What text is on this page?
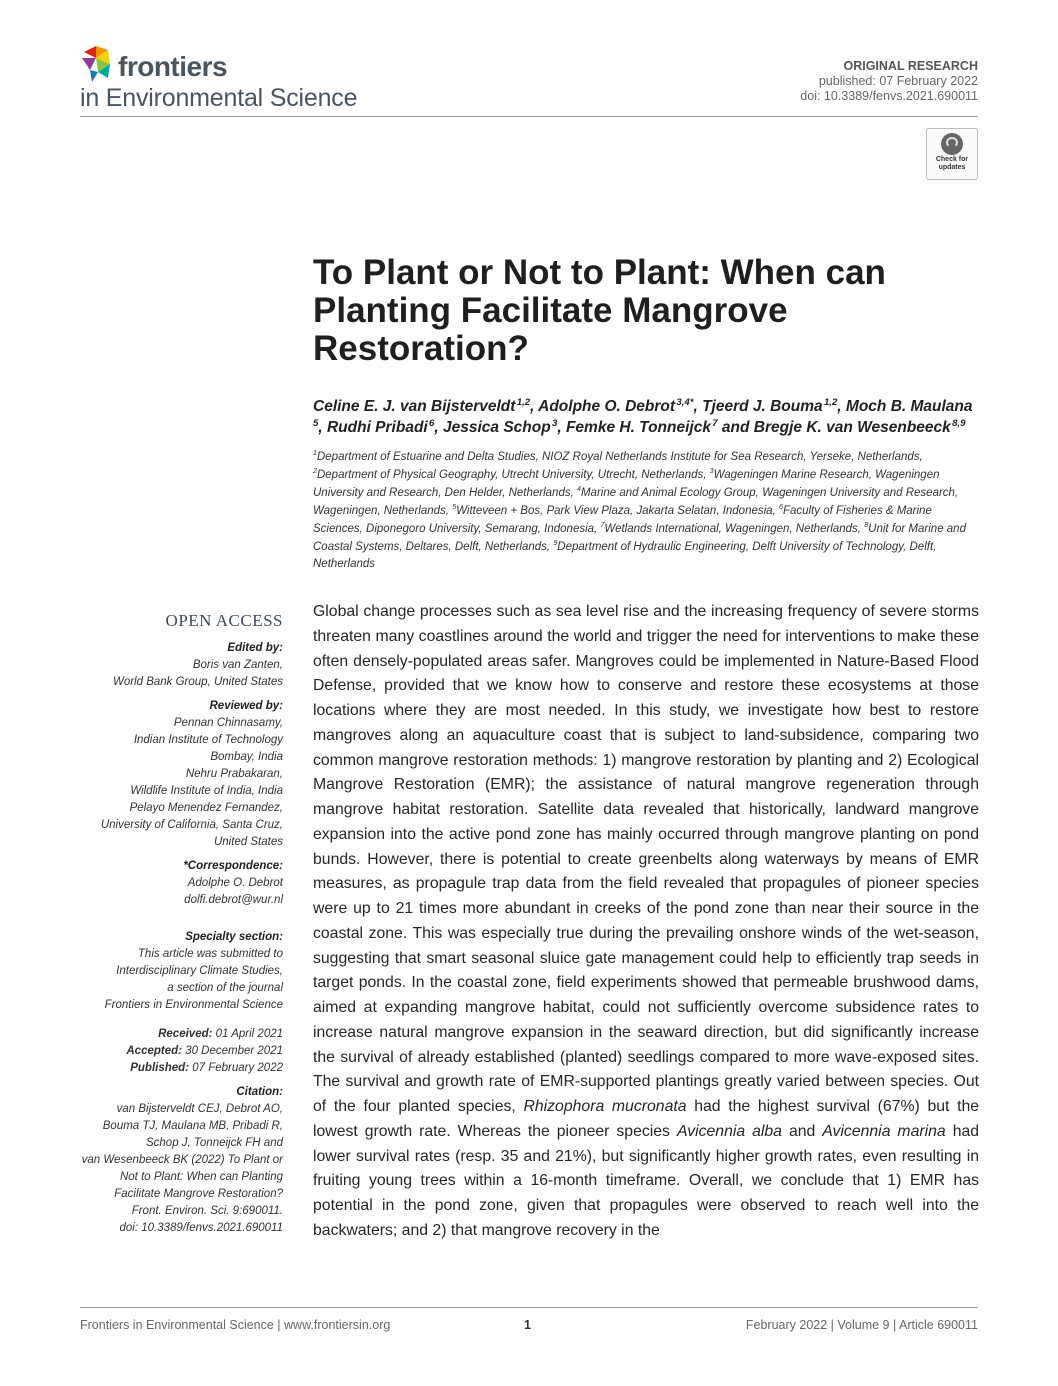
frontiers
in Environmental Science
ORIGINAL RESEARCH
published: 07 February 2022
doi: 10.3389/fenvs.2021.690011
Check for updates
To Plant or Not to Plant: When can Planting Facilitate Mangrove Restoration?
Celine E. J. van Bijsterveldt $^{1,2}$, Adolphe O. Debrot $^{3,4*}$, Tjeerd J. Bouma $^{1,2}$, Moch B. Maulana $^5$, Rudhi Pribadi $^6$, Jessica Schop $^3$, Femke H. Tonneijck $^7$ and Bregje K. van Wesenbeeck $^{8,9}$
$^1$Department of Estuarine and Delta Studies, NIOZ Royal Netherlands Institute for Sea Research, Yerseke, Netherlands, $^2$Department of Physical Geography, Utrecht University, Utrecht, Netherlands, $^3$Wageningen Marine Research, Wageningen University and Research, Den Helder, Netherlands, $^4$Marine and Animal Ecology Group, Wageningen University and Research, Wageningen, Netherlands, $^5$Witteveen + Bos, Park View Plaza, Jakarta Selatan, Indonesia, $^6$Faculty of Fisheries & Marine Sciences, Diponegoro University, Semarang, Indonesia, $^7$Wetlands International, Wageningen, Netherlands, $^8$Unit for Marine and Coastal Systems, Deltares, Delft, Netherlands, $^9$Department of Hydraulic Engineering, Delft University of Technology, Delft, Netherlands
OPEN ACCESS
Edited by:
Boris van Zanten,
World Bank Group, United States
Reviewed by:
Pennan Chinnasamy,
Indian Institute of Technology
Bombay, India
Nehru Prabakaran,
Wildlife Institute of India, India
Pelayo Menendez Fernandez,
University of California, Santa Cruz,
United States
*Correspondence:
Adolphe O. Debrot
dolfi.debrot@wur.nl
Specialty section:
This article was submitted to
Interdisciplinary Climate Studies,
a section of the journal
Frontiers in Environmental Science
Received: 01 April 2021
Accepted: 30 December 2021
Published: 07 February 2022
Citation:
van Bijsterveldt CEJ, Debrot AO,
Bouma TJ, Maulana MB, Pribadi R,
Schop J, Tonneijck FH and
van Wesenbeeck BK (2022) To Plant or
Not to Plant: When can Planting
Facilitate Mangrove Restoration?
Front. Environ. Sci. 9:690011.
doi: 10.3389/fenvs.2021.690011
Global change processes such as sea level rise and the increasing frequency of severe storms threaten many coastlines around the world and trigger the need for interventions to make these often densely-populated areas safer. Mangroves could be implemented in Nature-Based Flood Defense, provided that we know how to conserve and restore these ecosystems at those locations where they are most needed. In this study, we investigate how best to restore mangroves along an aquaculture coast that is subject to land-subsidence, comparing two common mangrove restoration methods: 1) mangrove restoration by planting and 2) Ecological Mangrove Restoration (EMR); the assistance of natural mangrove regeneration through mangrove habitat restoration. Satellite data revealed that historically, landward mangrove expansion into the active pond zone has mainly occurred through mangrove planting on pond bunds. However, there is potential to create greenbelts along waterways by means of EMR measures, as propagule trap data from the field revealed that propagules of pioneer species were up to 21 times more abundant in creeks of the pond zone than near their source in the coastal zone. This was especially true during the prevailing onshore winds of the wet-season, suggesting that smart seasonal sluice gate management could help to efficiently trap seeds in target ponds. In the coastal zone, field experiments showed that permeable brushwood dams, aimed at expanding mangrove habitat, could not sufficiently overcome subsidence rates to increase natural mangrove expansion in the seaward direction, but did significantly increase the survival of already established (planted) seedlings compared to more wave-exposed sites. The survival and growth rate of EMR-supported plantings greatly varied between species. Out of the four planted species, Rhizophora mucronata had the highest survival (67%) but the lowest growth rate. Whereas the pioneer species Avicennia alba and Avicennia marina had lower survival rates (resp. 35 and 21%), but significantly higher growth rates, even resulting in fruiting young trees within a 16-month timeframe. Overall, we conclude that 1) EMR has potential in the pond zone, given that propagules were observed to reach well into the backwaters; and 2) that mangrove recovery in the
Frontiers in Environmental Science | www.frontiersin.org	1	February 2022 | Volume 9 | Article 690011
